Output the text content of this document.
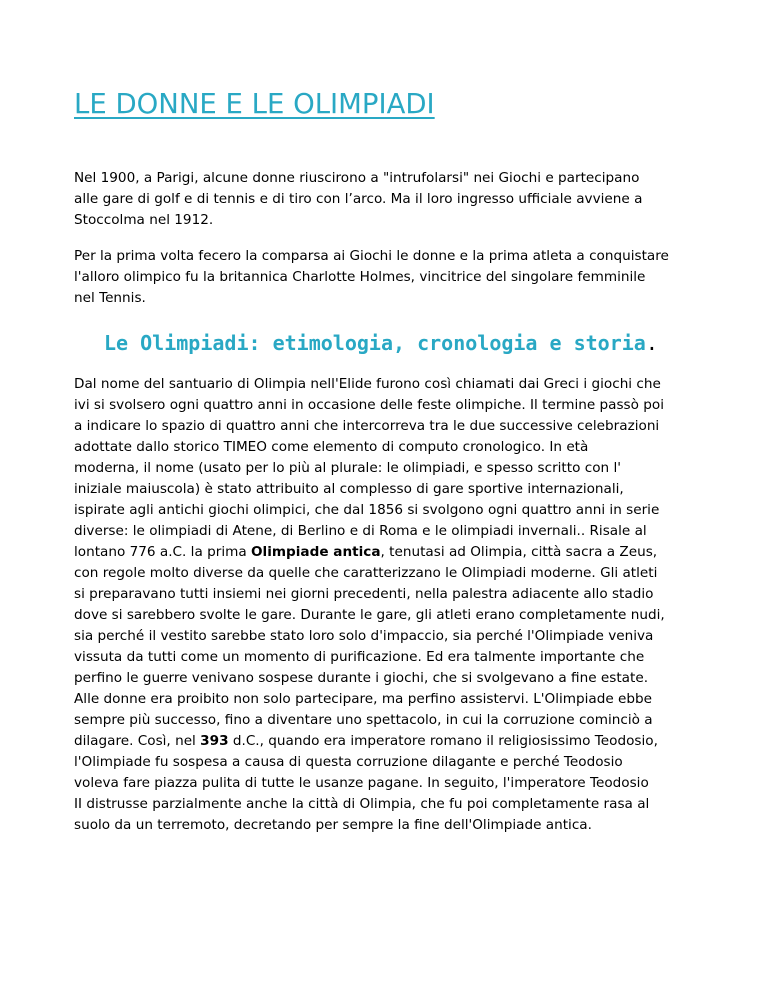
LE DONNE E LE OLIMPIADI

Nel 1900, a Parigi, alcune donne riuscirono a "intrufolarsi" nei Giochi e partecipano
alle gare di golf e di tennis e di tiro con l’arco. Ma il loro ingresso ufficiale avviene a
Stoccolma nel 1912.

Per la prima volta fecero la comparsa ai Giochi le donne e la prima atleta a conquistare
l'alloro olimpico fu la britannica Charlotte Holmes, vincitrice del singolare femminile
nel Tennis.

Le Olimpiadi: etimologia, cronologia e storia.

Dal nome del santuario di Olimpia nell'Elide furono così chiamati dai Greci i giochi che
ivi si svolsero ogni quattro anni in occasione delle feste olimpiche. Il termine passò poi
a indicare lo spazio di quattro anni che intercorreva tra le due successive celebrazioni
adottate dallo storico TIMEO come elemento di computo cronologico. In età
moderna, il nome (usato per lo più al plurale: le olimpiadi, e spesso scritto con l'
iniziale maiuscola) è stato attribuito al complesso di gare sportive internazionali,
ispirate agli antichi giochi olimpici, che dal 1856 si svolgono ogni quattro anni in serie
diverse: le olimpiadi di Atene, di Berlino e di Roma e le olimpiadi invernali.. Risale al
lontano 776 a.C. la prima Olimpiade antica, tenutasi ad Olimpia, città sacra a Zeus,
con regole molto diverse da quelle che caratterizzano le Olimpiadi moderne. Gli atleti
si preparavano tutti insiemi nei giorni precedenti, nella palestra adiacente allo stadio
dove si sarebbero svolte le gare. Durante le gare, gli atleti erano completamente nudi,
sia perché il vestito sarebbe stato loro solo d'impaccio, sia perché l'Olimpiade veniva
vissuta da tutti come un momento di purificazione. Ed era talmente importante che
perfino le guerre venivano sospese durante i giochi, che si svolgevano a fine estate.
Alle donne era proibito non solo partecipare, ma perfino assistervi. L'Olimpiade ebbe
sempre più successo, fino a diventare uno spettacolo, in cui la corruzione cominciò a
dilagare. Così, nel 393 d.C., quando era imperatore romano il religiosissimo Teodosio,
l'Olimpiade fu sospesa a causa di questa corruzione dilagante e perché Teodosio
voleva fare piazza pulita di tutte le usanze pagane. In seguito, l'imperatore Teodosio
II distrusse parzialmente anche la città di Olimpia, che fu poi completamente rasa al
suolo da un terremoto, decretando per sempre la fine dell'Olimpiade antica.
